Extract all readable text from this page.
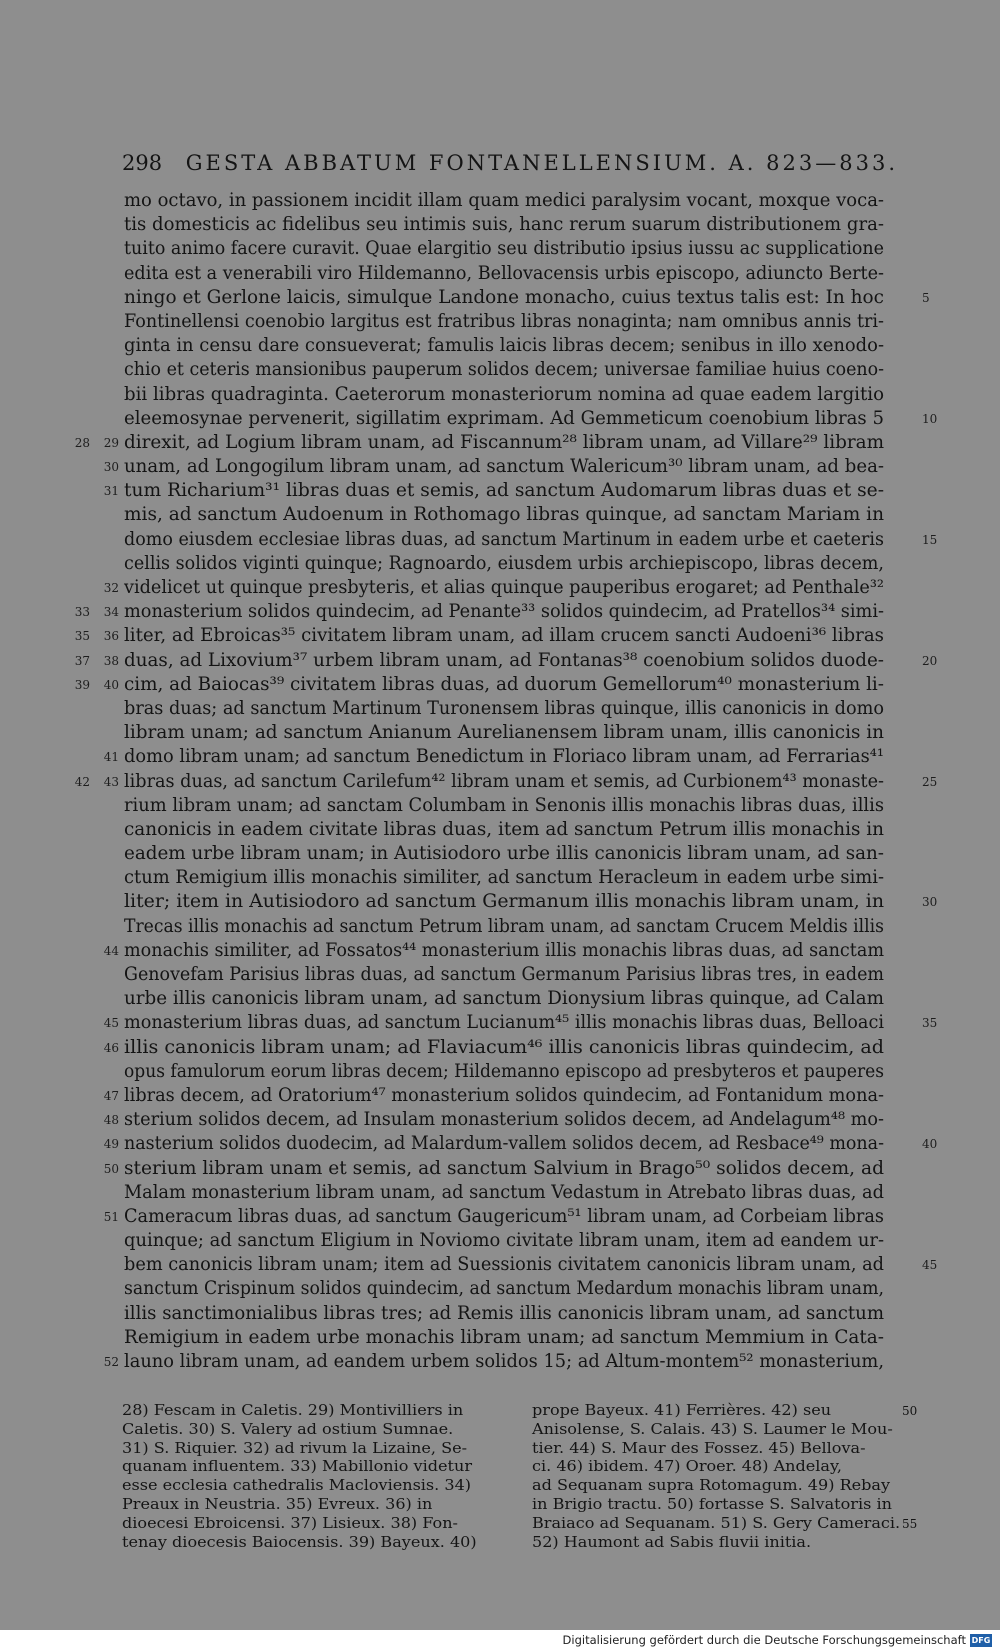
298 GESTA ABBATUM FONTANELLENSIUM. A. 823—833.
mo octavo, in passionem incidit illam quam medici paralysim vocant, moxque voca-
tis domesticis ac fidelibus seu intimis suis, hanc rerum suarum distributionem gra-
tuito animo facere curavit. Quae elargitio seu distributio ipsius iussu ac supplicatione
edita est a venerabili viro Hildemanno, Bellovacensis urbis episcopo, adiuncto Berte-
ningo et Gerlone laicis, simulque Landone monacho, cuius textus talis est: In hoc	5
Fontinellensi coenobio largitus est fratribus libras nonaginta; nam omnibus annis tri-
ginta in censu dare consueverat; famulis laicis libras decem; senibus in illo xenodo-
chio et ceteris mansionibus pauperum solidos decem; universae familiae huius coeno-
bii libras quadraginta. Caeterorum monasteriorum nomina ad quae eadem largitio
eleemosynae pervenerit, sigillatim exprimam. Ad Gemmeticum coenobium libras 5	10
direxit, ad Logium libram unam, ad Fiscannum²⁸ libram unam, ad Villare²⁹ libram
29
28
unam, ad Longogilum libram unam, ad sanctum Walericum³⁰ libram unam, ad bea-
30
tum Richarium³¹ libras duas et semis, ad sanctum Audomarum libras duas et se-
31
mis, ad sanctum Audoenum in Rothomago libras quinque, ad sanctam Mariam in
domo eiusdem ecclesiae libras duas, ad sanctum Martinum in eadem urbe et caeteris	15
cellis solidos viginti quinque; Ragnoardo, eiusdem urbis archiepiscopo, libras decem,
videlicet ut quinque presbyteris, et alias quinque pauperibus erogaret; ad Penthale³²
32
monasterium solidos quindecim, ad Penante³³ solidos quindecim, ad Pratellos³⁴ simi-
34
33
liter, ad Ebroicas³⁵ civitatem libram unam, ad illam crucem sancti Audoeni³⁶ libras
36
35
duas, ad Lixovium³⁷ urbem libram unam, ad Fontanas³⁸ coenobium solidos duode-
38
37	20
cim, ad Baiocas³⁹ civitatem libras duas, ad duorum Gemellorum⁴⁰ monasterium li-
40
39
bras duas; ad sanctum Martinum Turonensem libras quinque, illis canonicis in domo
libram unam; ad sanctum Anianum Aurelianensem libram unam, illis canonicis in
domo libram unam; ad sanctum Benedictum in Floriaco libram unam, ad Ferrarias⁴¹
41
libras duas, ad sanctum Carilefum⁴² libram unam et semis, ad Curbionem⁴³ monaste-
43
42	25
rium libram unam; ad sanctam Columbam in Senonis illis monachis libras duas, illis
canonicis in eadem civitate libras duas, item ad sanctum Petrum illis monachis in
eadem urbe libram unam; in Autisiodoro urbe illis canonicis libram unam, ad san-
ctum Remigium illis monachis similiter, ad sanctum Heracleum in eadem urbe simi-
liter; item in Autisiodoro ad sanctum Germanum illis monachis libram unam, in	30
Trecas illis monachis ad sanctum Petrum libram unam, ad sanctam Crucem Meldis illis
monachis similiter, ad Fossatos⁴⁴ monasterium illis monachis libras duas, ad sanctam
44
Genovefam Parisius libras duas, ad sanctum Germanum Parisius libras tres, in eadem
urbe illis canonicis libram unam, ad sanctum Dionysium libras quinque, ad Calam
monasterium libras duas, ad sanctum Lucianum⁴⁵ illis monachis libras duas, Belloaci
45	35
illis canonicis libram unam; ad Flaviacum⁴⁶ illis canonicis libras quindecim, ad
46
opus famulorum eorum libras decem; Hildemanno episcopo ad presbyteros et pauperes
libras decem, ad Oratorium⁴⁷ monasterium solidos quindecim, ad Fontanidum mona-
47
sterium solidos decem, ad Insulam monasterium solidos decem, ad Andelagum⁴⁸ mo-
48
nasterium solidos duodecim, ad Malardum-vallem solidos decem, ad Resbace⁴⁹ mona-
49	40
sterium libram unam et semis, ad sanctum Salvium in Brago⁵⁰ solidos decem, ad
50
Malam monasterium libram unam, ad sanctum Vedastum in Atrebato libras duas, ad
Cameracum libras duas, ad sanctum Gaugericum⁵¹ libram unam, ad Corbeiam libras
51
quinque; ad sanctum Eligium in Noviomo civitate libram unam, item ad eandem ur-
bem canonicis libram unam; item ad Suessionis civitatem canonicis libram unam, ad	45
sanctum Crispinum solidos quindecim, ad sanctum Medardum monachis libram unam,
illis sanctimonialibus libras tres; ad Remis illis canonicis libram unam, ad sanctum
Remigium in eadem urbe monachis libram unam; ad sanctum Memmium in Cata-
launo libram unam, ad eandem urbem solidos 15; ad Altum-montem⁵² monasterium,
52
28) Fescam in Caletis. 29) Montivilliers in
Caletis. 30) S. Valery ad ostium Sumnae.
31) S. Riquier. 32) ad rivum la Lizaine, Se-
quanam influentem. 33) Mabillonio videtur
esse ecclesia cathedralis Macloviensis. 34)
Preaux in Neustria. 35) Evreux. 36) in
dioecesi Ebroicensi. 37) Lisieux. 38) Fon-
tenay dioecesis Baiocensis. 39) Bayeux. 40)
prope Bayeux. 41) Ferrières. 42) seu
Anisolense, S. Calais. 43) S. Laumer le Mou-
tier. 44) S. Maur des Fossez. 45) Bellova-
ci. 46) ibidem. 47) Oroer. 48) Andelay,
ad Sequanam supra Rotomagum. 49) Rebay
in Brigio tractu. 50) fortasse S. Salvatoris in
Braiaco ad Sequanam. 51) S. Gery Cameraci.
52) Haumont ad Sabis fluvii initia.
50
55
Digitalisierung gefördert durch die Deutsche Forschungsgemeinschaft DFG
